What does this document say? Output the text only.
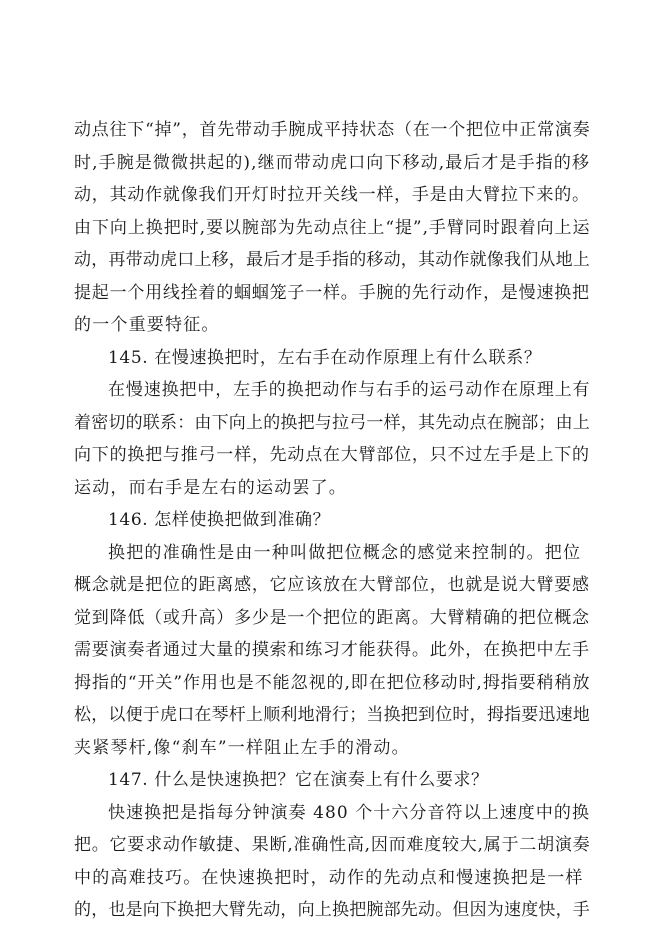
动点往下“掉”，首先带动手腕成平持状态（在一个把位中正常演奏
时,手腕是微微拱起的),继而带动虎口向下移动,最后才是手指的移
动，其动作就像我们开灯时拉开关线一样，手是由大臂拉下来的。
由下向上换把时,要以腕部为先动点往上“提”,手臂同时跟着向上运
动，再带动虎口上移，最后才是手指的移动，其动作就像我们从地上
提起一个用线拴着的蝈蝈笼子一样。手腕的先行动作，是慢速换把
的一个重要特征。
145. 在慢速换把时，左右手在动作原理上有什么联系？
在慢速换把中，左手的换把动作与右手的运弓动作在原理上有
着密切的联系：由下向上的换把与拉弓一样，其先动点在腕部；由上
向下的换把与推弓一样，先动点在大臂部位，只不过左手是上下的
运动，而右手是左右的运动罢了。
146. 怎样使换把做到准确？
换把的准确性是由一种叫做把位概念的感觉来控制的。把位
概念就是把位的距离感，它应该放在大臂部位，也就是说大臂要感
觉到降低（或升高）多少是一个把位的距离。大臂精确的把位概念
需要演奏者通过大量的摸索和练习才能获得。此外，在换把中左手
拇指的“开关”作用也是不能忽视的,即在把位移动时,拇指要稍稍放
松，以便于虎口在琴杆上顺利地滑行；当换把到位时，拇指要迅速地
夹紧琴杆,像“刹车”一样阻止左手的滑动。
147. 什么是快速换把？它在演奏上有什么要求？
快速换把是指每分钟演奏 480 个十六分音符以上速度中的换
把。它要求动作敏捷、果断,准确性高,因而难度较大,属于二胡演奏
中的高难技巧。在快速换把时，动作的先动点和慢速换把是一样
的，也是向下换把大臂先动，向上换把腕部先动。但因为速度快，手
